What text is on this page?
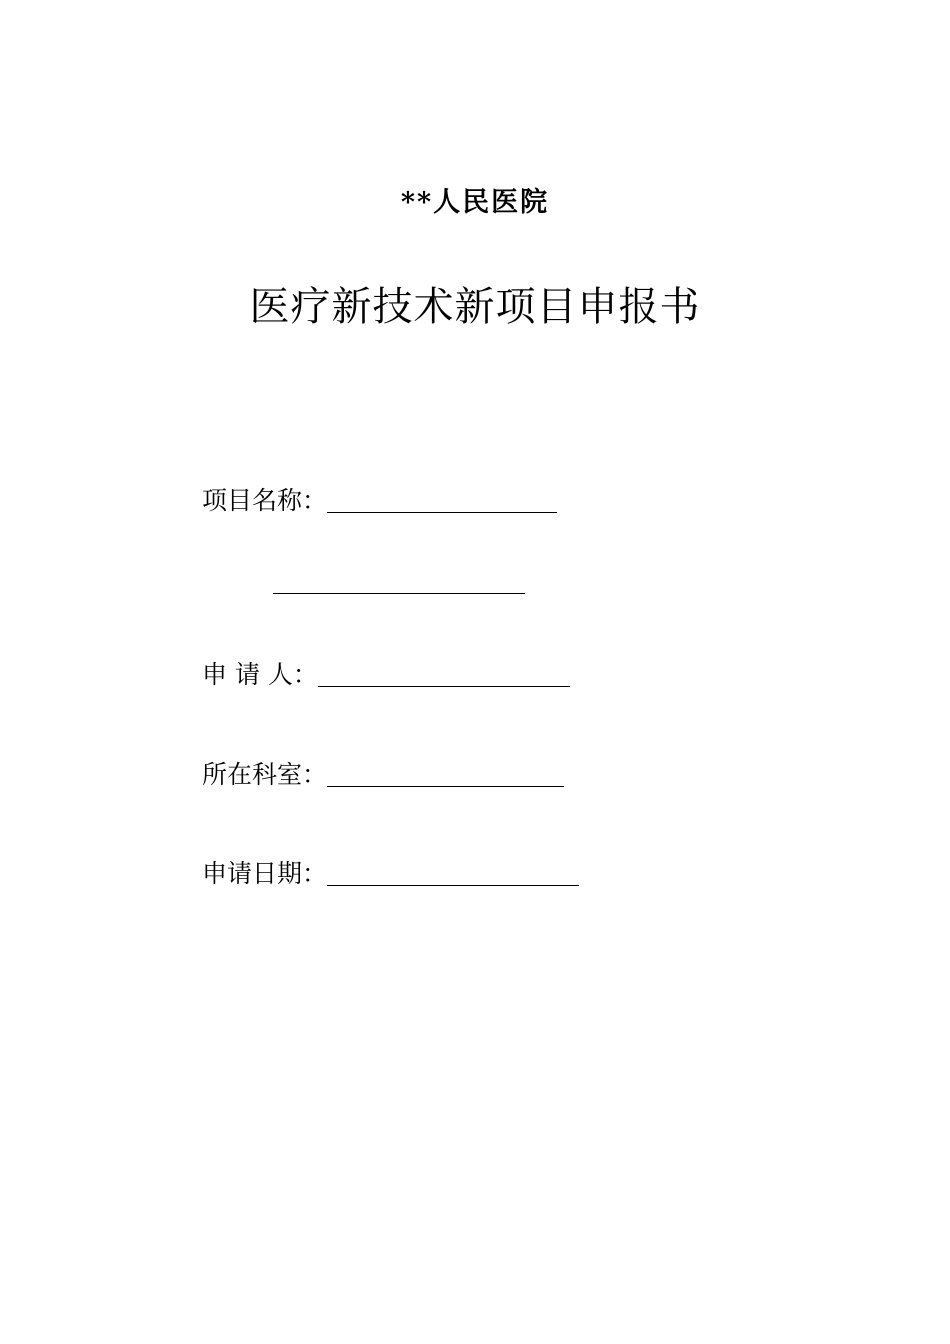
**人民医院
医疗新技术新项目申报书
项目名称：
申 请 人：
所在科室：
申请日期：
